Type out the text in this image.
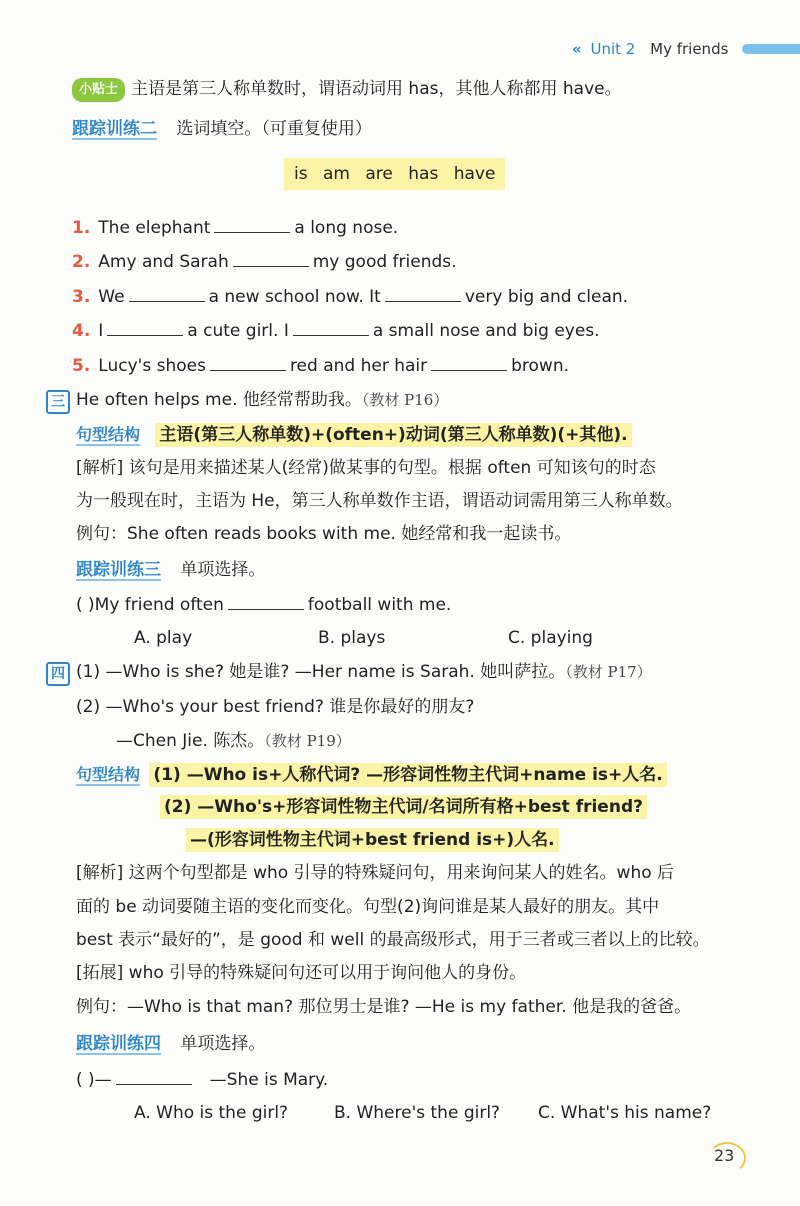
« Unit 2 My friends
小贴士 主语是第三人称单数时，谓语动词用 has，其他人称都用 have。
跟踪训练二 选词填空。（可重复使用）
is am are has have
1. The elephant	a long nose.
2. Amy and Sarah	my good friends.
3. We	a new school now. It	very big and clean.
4. I	a cute girl. I	a small nose and big eyes.
5. Lucy's shoes	red and her hair	brown.
三 He often helps me. 他经常帮助我。（教材 P16）
句型结构 主语(第三人称单数)+(often+)动词(第三人称单数)(+其他).
[解析] 该句是用来描述某人(经常)做某事的句型。根据 often 可知该句的时态
为一般现在时，主语为 He，第三人称单数作主语，谓语动词需用第三人称单数。
例句：She often reads books with me. 她经常和我一起读书。
跟踪训练三 单项选择。
( )My friend often	football with me.
A. play	B. plays	C. playing
四 (1) —Who is she? 她是谁? —Her name is Sarah. 她叫萨拉。（教材 P17）
(2) —Who's your best friend? 谁是你最好的朋友?
—Chen Jie. 陈杰。（教材 P19）
句型结构 (1) —Who is+人称代词? —形容词性物主代词+name is+人名.
(2) —Who's+形容词性物主代词/名词所有格+best friend?
—(形容词性物主代词+best friend is+)人名.
[解析] 这两个句型都是 who 引导的特殊疑问句，用来询问某人的姓名。who 后
面的 be 动词要随主语的变化而变化。句型(2)询问谁是某人最好的朋友。其中
best 表示“最好的”，是 good 和 well 的最高级形式，用于三者或三者以上的比较。
[拓展] who 引导的特殊疑问句还可以用于询问他人的身份。
例句：—Who is that man? 那位男士是谁? —He is my father. 他是我的爸爸。
跟踪训练四 单项选择。
( )—	—She is Mary.
A. Who is the girl?	B. Where's the girl? C. What's his name?
23
